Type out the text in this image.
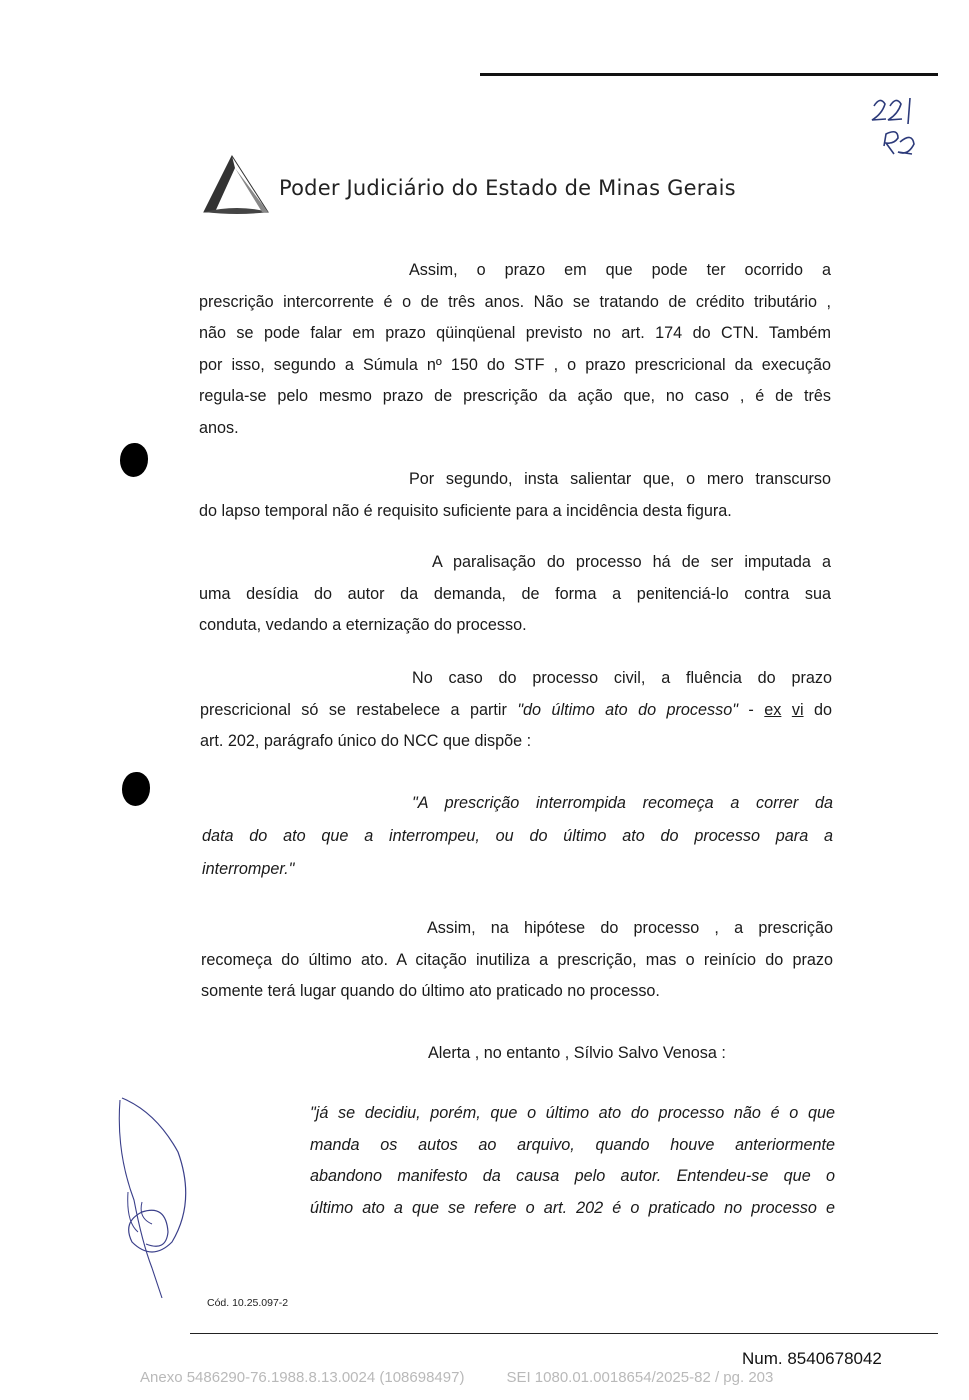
Poder Judiciário do Estado de Minas Gerais
Assim, o prazo em que pode ter ocorrido a
prescrição intercorrente é o de três anos. Não se tratando de crédito tributário ,
não se pode falar em prazo qüinqüenal previsto no art. 174 do CTN. Também
por isso, segundo a Súmula nº 150 do STF , o prazo prescricional da execução
regula-se pelo mesmo prazo de prescrição da ação que, no caso , é de três
anos.
Por segundo, insta salientar que, o mero transcurso
do lapso temporal não é requisito suficiente para a incidência desta figura.
A paralisação do processo há de ser imputada a
uma desídia do autor da demanda, de forma a penitenciá-lo contra sua
conduta, vedando a eternização do processo.
No caso do processo civil, a fluência do prazo
prescricional só se restabelece a partir "do último ato do processo" - ex vi do
art. 202, parágrafo único do NCC que dispõe :
"A prescrição interrompida recomeça a correr da
data do ato que a interrompeu, ou do último ato do processo para a
interromper."
Assim, na hipótese do processo , a prescrição
recomeça do último ato. A citação inutiliza a prescrição, mas o reinício do prazo
somente terá lugar quando do último ato praticado no processo.
Alerta , no entanto , Sílvio Salvo Venosa :
"já se decidiu, porém, que o último ato do processo não é o que
manda os autos ao arquivo, quando houve anteriormente
abandono manifesto da causa pelo autor. Entendeu-se que o
último ato a que se refere o art. 202 é o praticado no processo e
Cód. 10.25.097-2
Num. 8540678042
Anexo 5486290-76.1988.8.13.0024 (108698497)	SEI 1080.01.0018654/2025-82 / pg. 203
